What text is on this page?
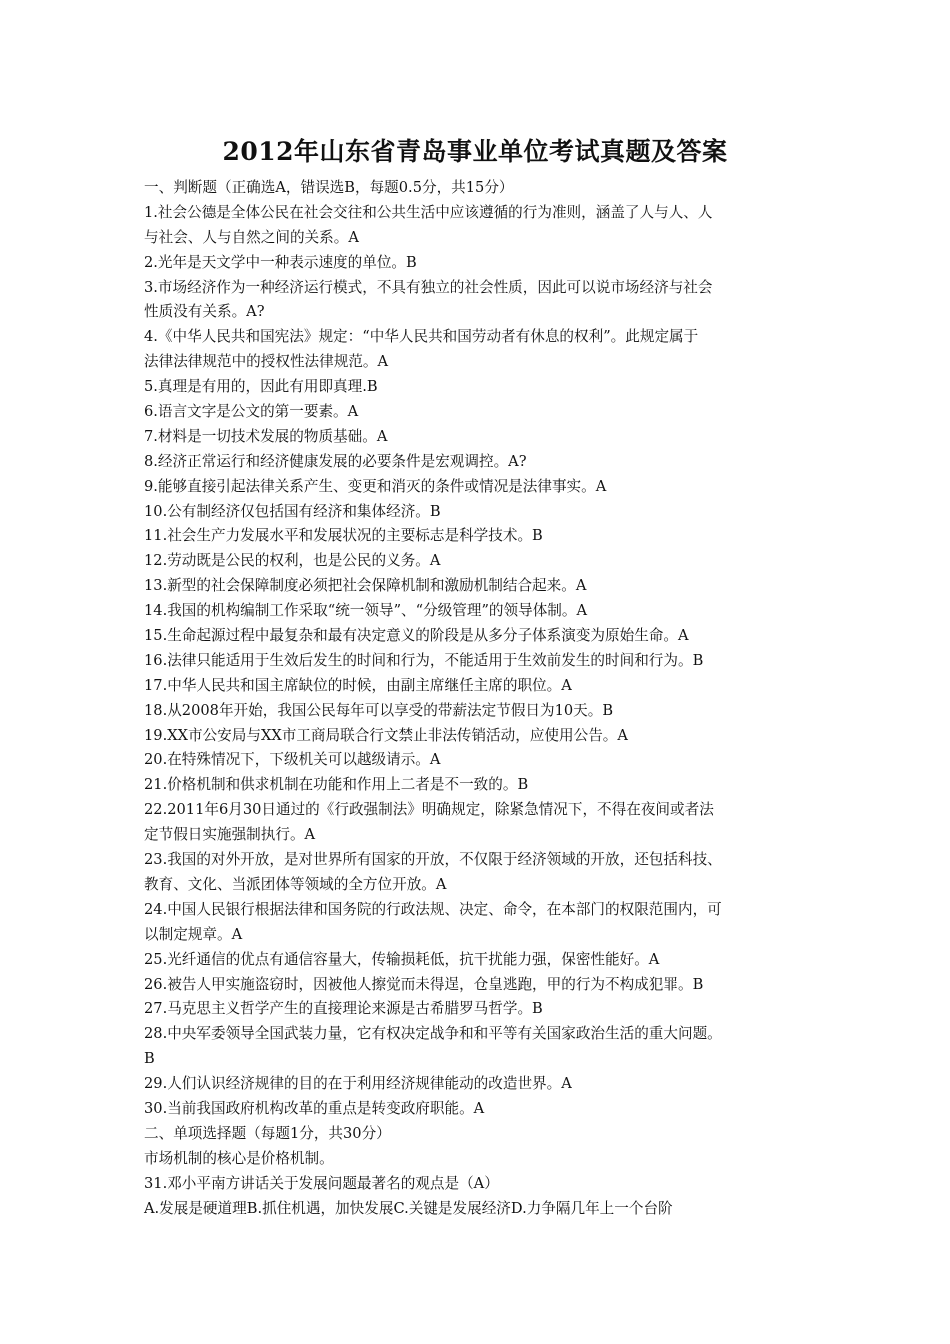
2012年山东省青岛事业单位考试真题及答案
一、判断题（正确选A，错误选B，每题0.5分，共15分）
1.社会公德是全体公民在社会交往和公共生活中应该遵循的行为准则，涵盖了人与人、人
与社会、人与自然之间的关系。A
2.光年是天文学中一种表示速度的单位。B
3.市场经济作为一种经济运行模式，不具有独立的社会性质，因此可以说市场经济与社会
性质没有关系。A?
4.《中华人民共和国宪法》规定：“中华人民共和国劳动者有休息的权利”。此规定属于
法律法律规范中的授权性法律规范。A
5.真理是有用的，因此有用即真理.B
6.语言文字是公文的第一要素。A
7.材料是一切技术发展的物质基础。A
8.经济正常运行和经济健康发展的必要条件是宏观调控。A?
9.能够直接引起法律关系产生、变更和消灭的条件或情况是法律事实。A
10.公有制经济仅包括国有经济和集体经济。B
11.社会生产力发展水平和发展状况的主要标志是科学技术。B
12.劳动既是公民的权利，也是公民的义务。A
13.新型的社会保障制度必须把社会保障机制和激励机制结合起来。A
14.我国的机构编制工作采取“统一领导”、“分级管理”的领导体制。A
15.生命起源过程中最复杂和最有决定意义的阶段是从多分子体系演变为原始生命。A
16.法律只能适用于生效后发生的时间和行为，不能适用于生效前发生的时间和行为。B
17.中华人民共和国主席缺位的时候，由副主席继任主席的职位。A
18.从2008年开始，我国公民每年可以享受的带薪法定节假日为10天。B
19.XX市公安局与XX市工商局联合行文禁止非法传销活动，应使用公告。A
20.在特殊情况下，下级机关可以越级请示。A
21.价格机制和供求机制在功能和作用上二者是不一致的。B
22.2011年6月30日通过的《行政强制法》明确规定，除紧急情况下，不得在夜间或者法
定节假日实施强制执行。A
23.我国的对外开放，是对世界所有国家的开放，不仅限于经济领域的开放，还包括科技、
教育、文化、当派团体等领域的全方位开放。A
24.中国人民银行根据法律和国务院的行政法规、决定、命令，在本部门的权限范围内，可
以制定规章。A
25.光纤通信的优点有通信容量大，传输损耗低，抗干扰能力强，保密性能好。A
26.被告人甲实施盗窃时，因被他人擦觉而未得逞，仓皇逃跑，甲的行为不构成犯罪。B
27.马克思主义哲学产生的直接理论来源是古希腊罗马哲学。B
28.中央军委领导全国武装力量，它有权决定战争和和平等有关国家政治生活的重大问题。
B
29.人们认识经济规律的目的在于利用经济规律能动的改造世界。A
30.当前我国政府机构改革的重点是转变政府职能。A
二、单项选择题（每题1分，共30分）
市场机制的核心是价格机制。
31.邓小平南方讲话关于发展问题最著名的观点是（A）
A.发展是硬道理B.抓住机遇，加快发展C.关键是发展经济D.力争隔几年上一个台阶
